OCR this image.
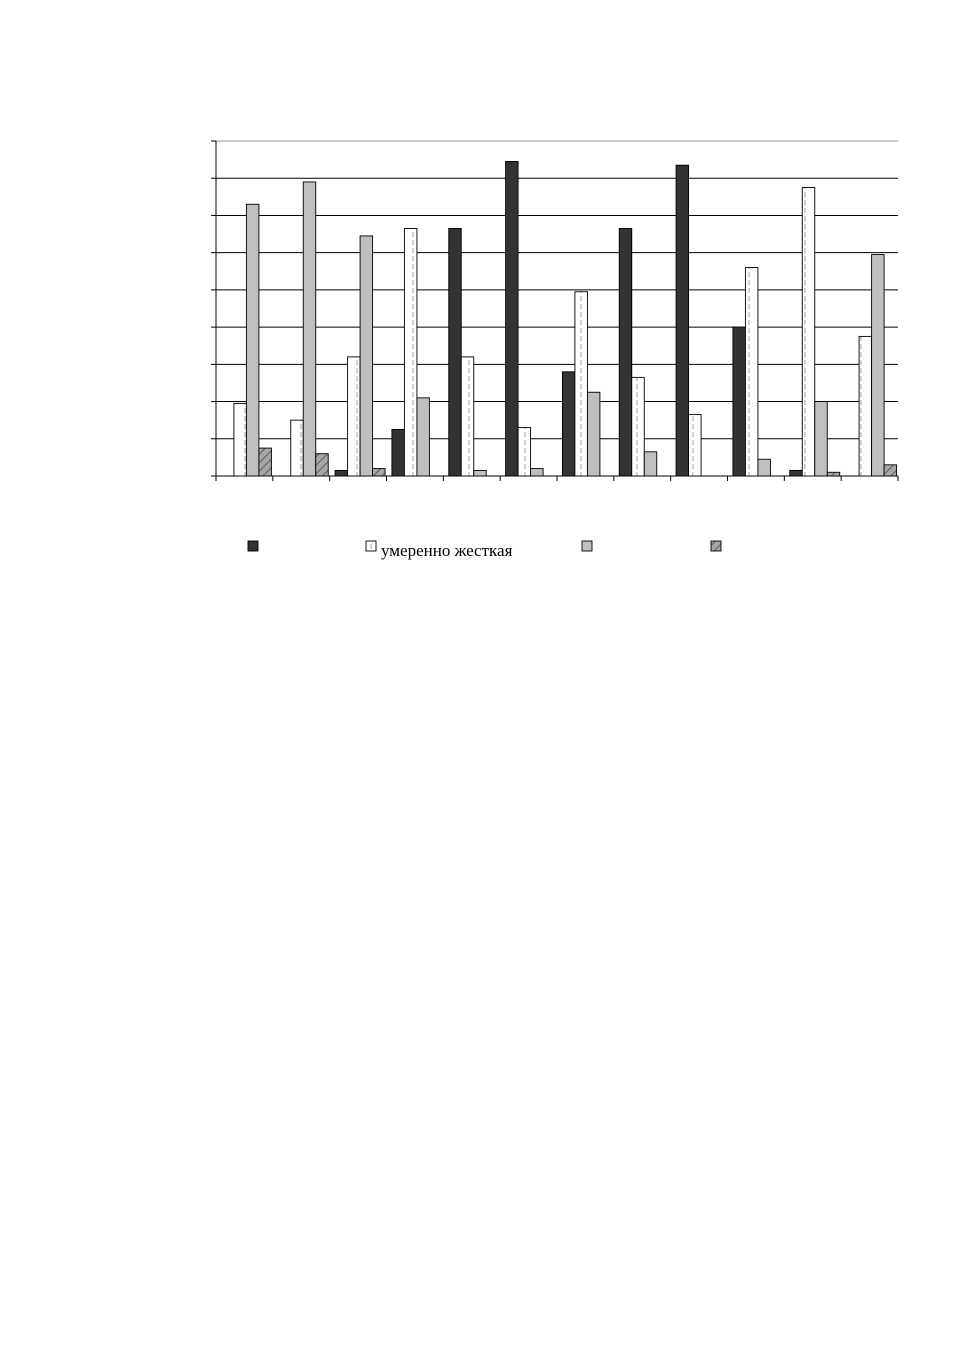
умеренно жесткая
